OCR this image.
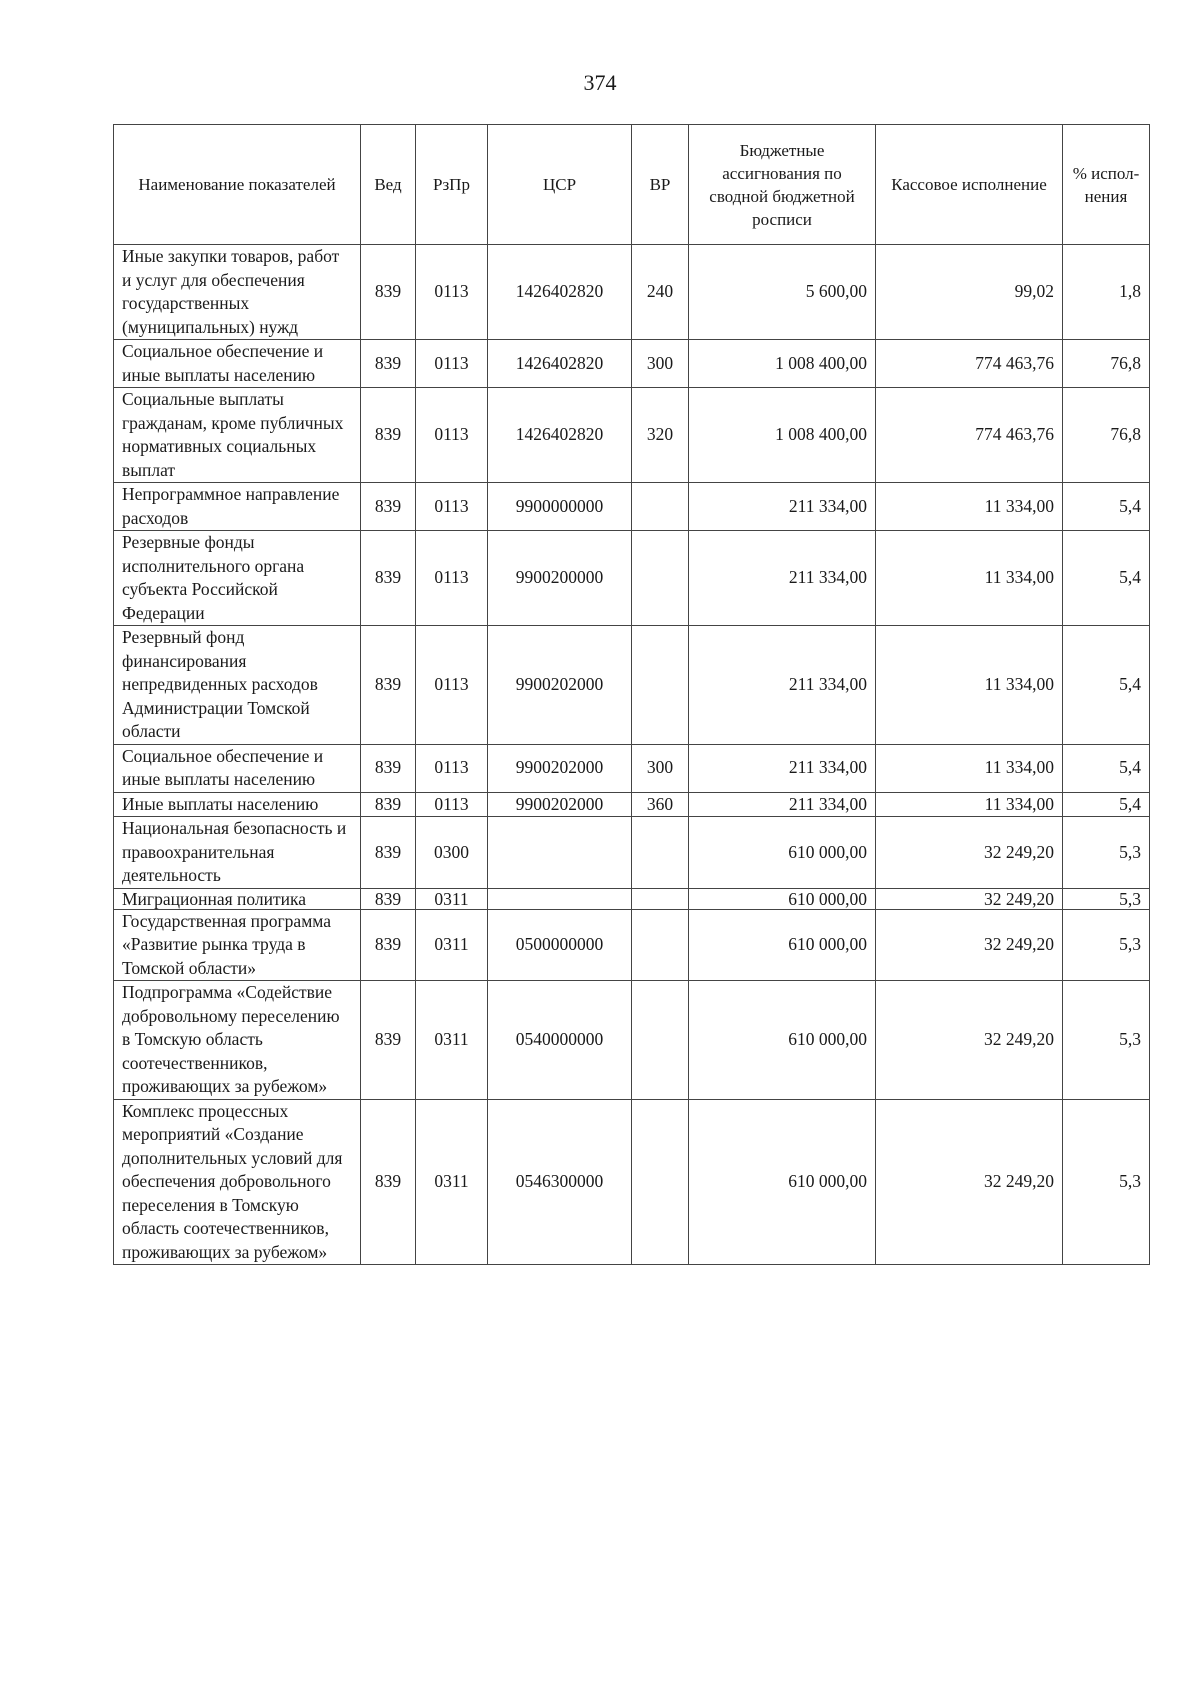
374
Наименование показателей	Вед	РзПр	ЦСР	ВР	Бюджетные ассигнования по сводной бюджетной росписи	Кассовое исполнение	% испол-нения
Иные закупки товаров, работ и услуг для обеспечения государственных (муниципальных) нужд	839	0113	1426402820	240	5 600,00	99,02	1,8
Социальное обеспечение и иные выплаты населению	839	0113	1426402820	300	1 008 400,00	774 463,76	76,8
Социальные выплаты гражданам, кроме публичных нормативных социальных выплат	839	0113	1426402820	320	1 008 400,00	774 463,76	76,8
Непрограммное направление расходов	839	0113	9900000000		211 334,00	11 334,00	5,4
Резервные фонды исполнительного органа субъекта Российской Федерации	839	0113	9900200000		211 334,00	11 334,00	5,4
Резервный фонд финансирования непредвиденных расходов Администрации Томской области	839	0113	9900202000		211 334,00	11 334,00	5,4
Социальное обеспечение и иные выплаты населению	839	0113	9900202000	300	211 334,00	11 334,00	5,4
Иные выплаты населению	839	0113	9900202000	360	211 334,00	11 334,00	5,4
Национальная безопасность и правоохранительная деятельность	839	0300			610 000,00	32 249,20	5,3
Миграционная политика	839	0311			610 000,00	32 249,20	5,3
Государственная программа «Развитие рынка труда в Томской области»	839	0311	0500000000		610 000,00	32 249,20	5,3
Подпрограмма «Содействие добровольному переселению в Томскую область соотечественников, проживающих за рубежом»	839	0311	0540000000		610 000,00	32 249,20	5,3
Комплекс процессных мероприятий «Создание дополнительных условий для обеспечения добровольного переселения в Томскую область соотечественников, проживающих за рубежом»	839	0311	0546300000		610 000,00	32 249,20	5,3
